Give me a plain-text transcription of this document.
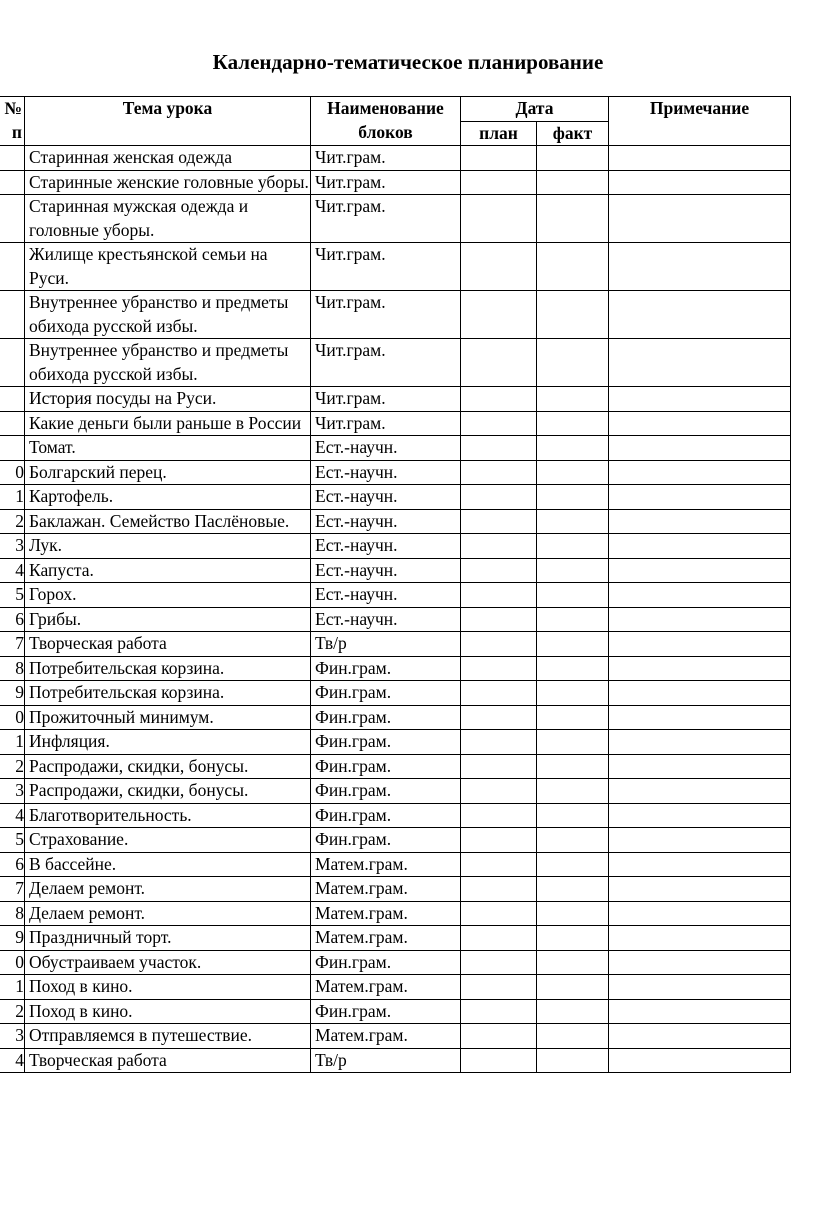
Календарно-тематическое планирование
№
п	Тема урока	Наименование блоков	Дата		Примечание
			план	факт	
	Старинная женская одежда	Чит.грам.			
	Старинные женские головные уборы.	Чит.грам.			
	Старинная мужская одежда и головные уборы.	Чит.грам.			
	Жилище крестьянской семьи на Руси.	Чит.грам.			
	Внутреннее убранство и предметы обихода русской избы.	Чит.грам.			
	Внутреннее убранство и предметы обихода русской избы.	Чит.грам.			
	История посуды на Руси.	Чит.грам.			
	Какие деньги были раньше в России	Чит.грам.			
	Томат.	Ест.-научн.			
0	Болгарский перец.	Ест.-научн.			
1	Картофель.	Ест.-научн.			
2	Баклажан. Семейство Паслёновые.	Ест.-научн.			
3	Лук.	Ест.-научн.			
4	Капуста.	Ест.-научн.			
5	Горох.	Ест.-научн.			
6	Грибы.	Ест.-научн.			
7	Творческая работа	Тв/р			
8	Потребительская корзина.	Фин.грам.			
9	Потребительская корзина.	Фин.грам.			
0	Прожиточный минимум.	Фин.грам.			
1	Инфляция.	Фин.грам.			
2	Распродажи, скидки, бонусы.	Фин.грам.			
3	Распродажи, скидки, бонусы.	Фин.грам.			
4	Благотворительность.	Фин.грам.			
5	Страхование.	Фин.грам.			
6	В бассейне.	Матем.грам.			
7	Делаем ремонт.	Матем.грам.			
8	Делаем ремонт.	Матем.грам.			
9	Праздничный торт.	Матем.грам.			
0	Обустраиваем участок.	Фин.грам.			
1	Поход в кино.	Матем.грам.			
2	Поход в кино.	Фин.грам.			
3	Отправляемся в путешествие.	Матем.грам.			
4	Творческая работа	Тв/р			
